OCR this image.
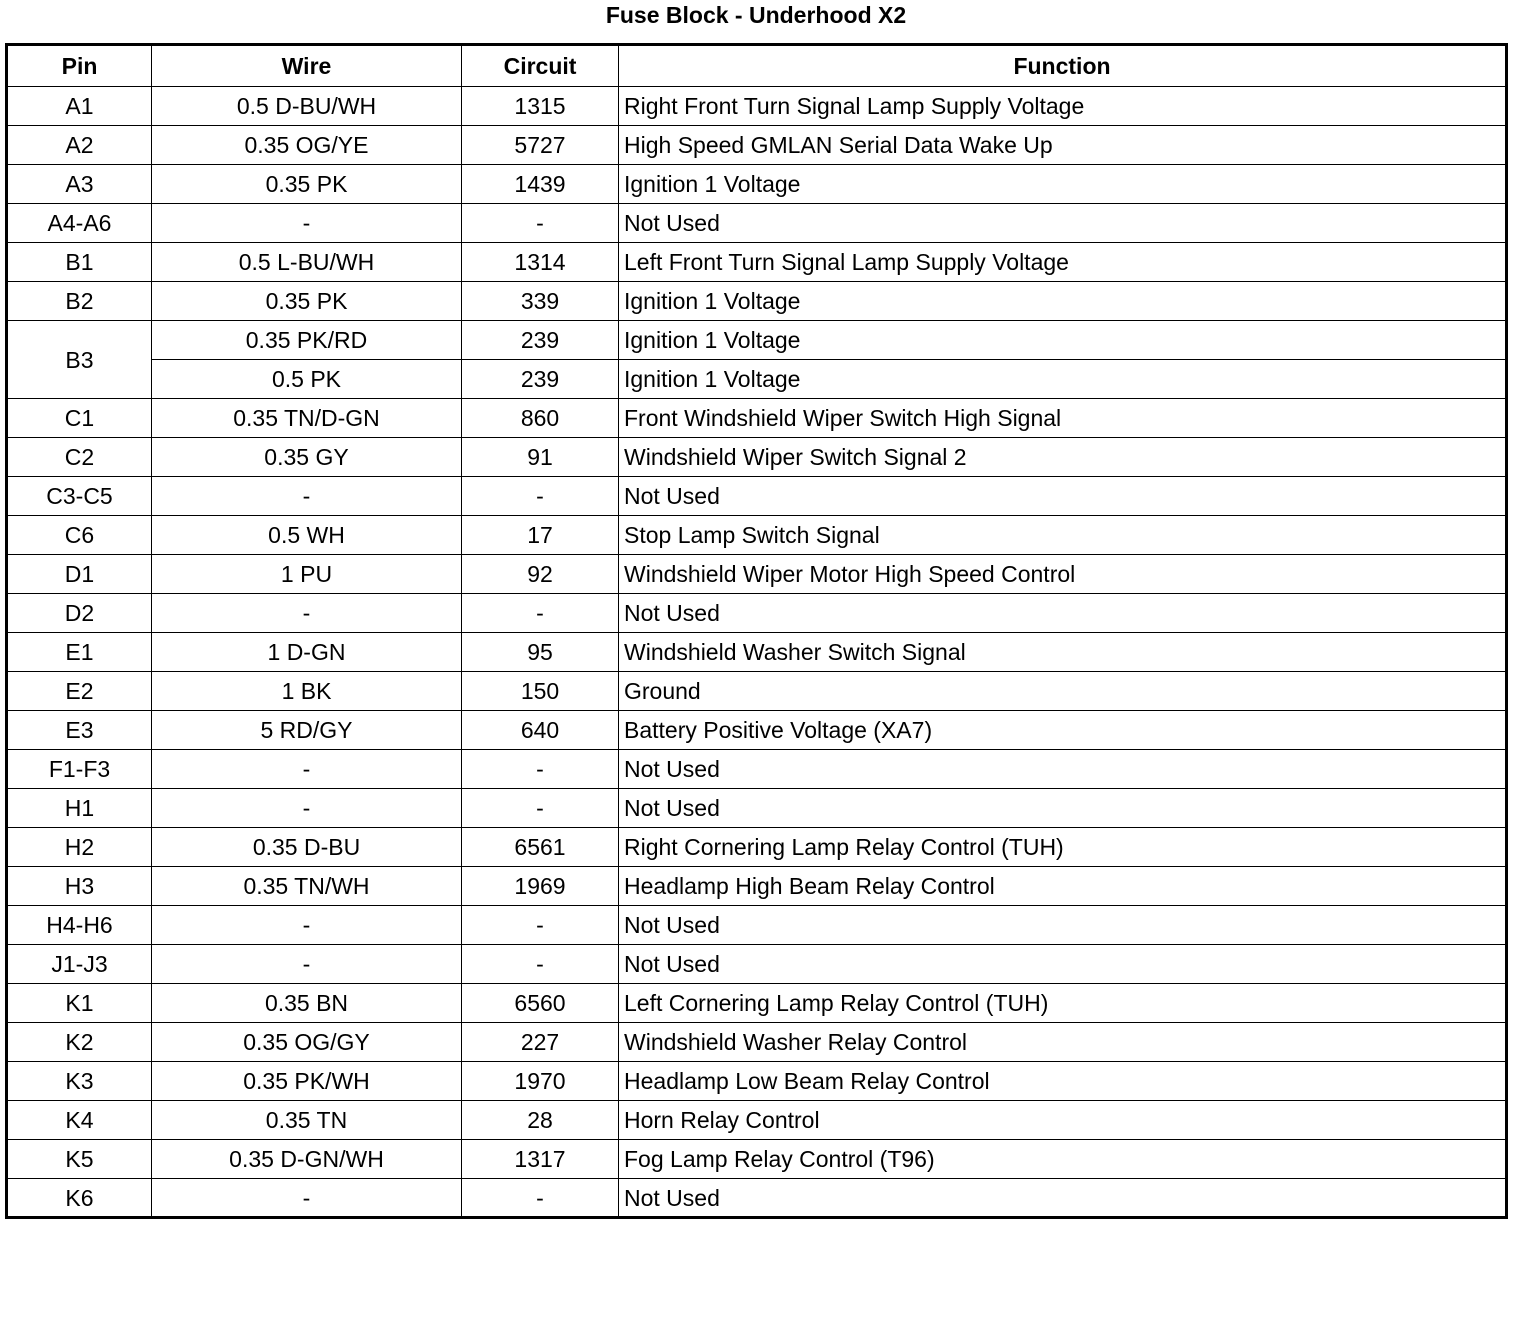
Fuse Block - Underhood X2
Pin	Wire	Circuit	Function
A1	0.5 D-BU/WH	1315	Right Front Turn Signal Lamp Supply Voltage
A2	0.35 OG/YE	5727	High Speed GMLAN Serial Data Wake Up
A3	0.35 PK	1439	Ignition 1 Voltage
A4-A6	-	-	Not Used
B1	0.5 L-BU/WH	1314	Left Front Turn Signal Lamp Supply Voltage
B2	0.35 PK	339	Ignition 1 Voltage
B3	0.35 PK/RD	239	Ignition 1 Voltage
	0.5 PK	239	Ignition 1 Voltage
C1	0.35 TN/D-GN	860	Front Windshield Wiper Switch High Signal
C2	0.35 GY	91	Windshield Wiper Switch Signal 2
C3-C5	-	-	Not Used
C6	0.5 WH	17	Stop Lamp Switch Signal
D1	1 PU	92	Windshield Wiper Motor High Speed Control
D2	-	-	Not Used
E1	1 D-GN	95	Windshield Washer Switch Signal
E2	1 BK	150	Ground
E3	5 RD/GY	640	Battery Positive Voltage (XA7)
F1-F3	-	-	Not Used
H1	-	-	Not Used
H2	0.35 D-BU	6561	Right Cornering Lamp Relay Control (TUH)
H3	0.35 TN/WH	1969	Headlamp High Beam Relay Control
H4-H6	-	-	Not Used
J1-J3	-	-	Not Used
K1	0.35 BN	6560	Left Cornering Lamp Relay Control (TUH)
K2	0.35 OG/GY	227	Windshield Washer Relay Control
K3	0.35 PK/WH	1970	Headlamp Low Beam Relay Control
K4	0.35 TN	28	Horn Relay Control
K5	0.35 D-GN/WH	1317	Fog Lamp Relay Control (T96)
K6	-	-	Not Used
